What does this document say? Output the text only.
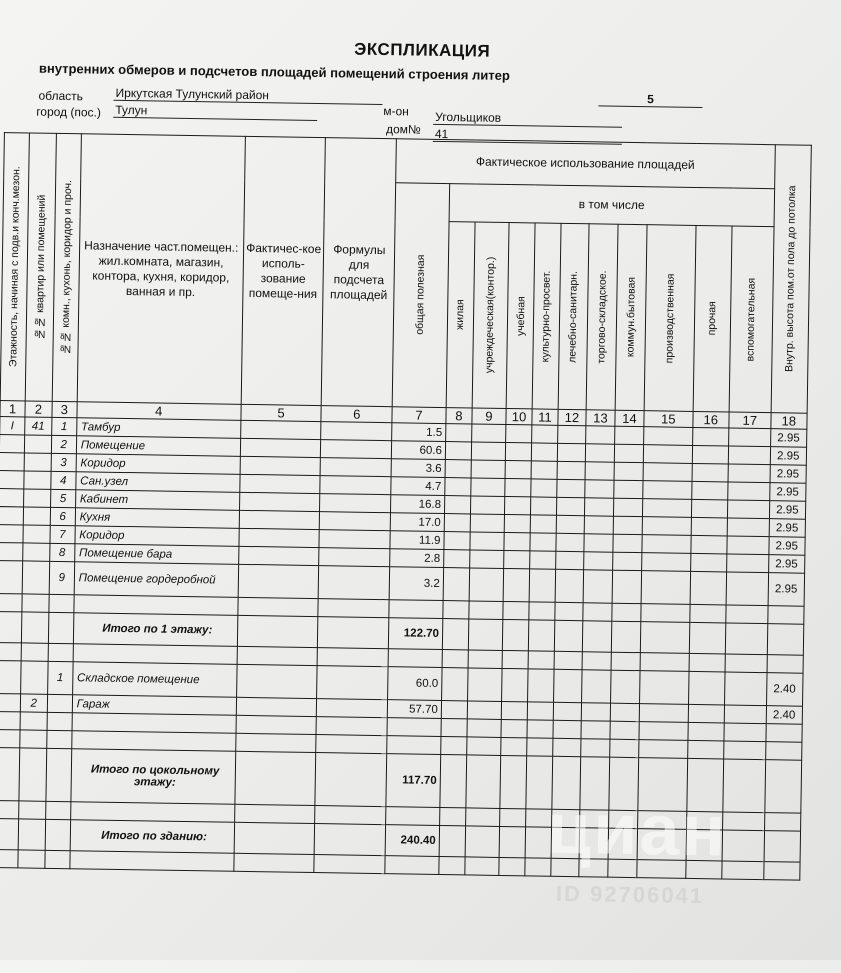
ЭКСПЛИКАЦИЯ
внутренних обмеров и подсчетов площадей помещений строения литер
5
область	Иркутская Тулунский район
город (пос.) Тулун	м-он Угольщиков
дом№ 41
Этажность, начиная с подв.и конч.мезон.	№№ квартир или помещений	№№ комн., кухонь, коридор и проч.	Назначение част.помещен.: жил.комната, магазин, контора, кухня, коридор, ванная и пр.	Фактичес-кое исполь-зование помеще-ния	Формулы для подсчета площадей	Фактическое использование площадей											Внутр. высота пом.от пола до потолка

						общая полезная	в том числе										

							жилая	учреждеческая(контор.)	учебная	культурно-просвет.	лечебно-санитарн.	торгово-складское.	коммун.бытовая	производственная	прочая	вспомогательная	

1	2	3	4	5	6	7	8	9	10	11	12	13	14	15	16	17	18
I	41	1	Тамбур			1.5											2.95
		2	Помещение			60.6											2.95
		3	Коридор			3.6											2.95
		4	Сан.узел			4.7											2.95
		5	Кабинет			16.8											2.95
		6	Кухня			17.0											2.95
		7	Коридор			11.9											2.95
		8	Помещение бара			2.8											2.95
		9	Помещение гордеробной			3.2											2.95

			Итого по 1 этажу:			122.70											

		1	Складское помещение			60.0											2.40
	2		Гараж			57.70											2.40

			Итого по цокольному этажу:			117.70											

			Итого по зданию:			240.40											
																	циан
ID 92706041
